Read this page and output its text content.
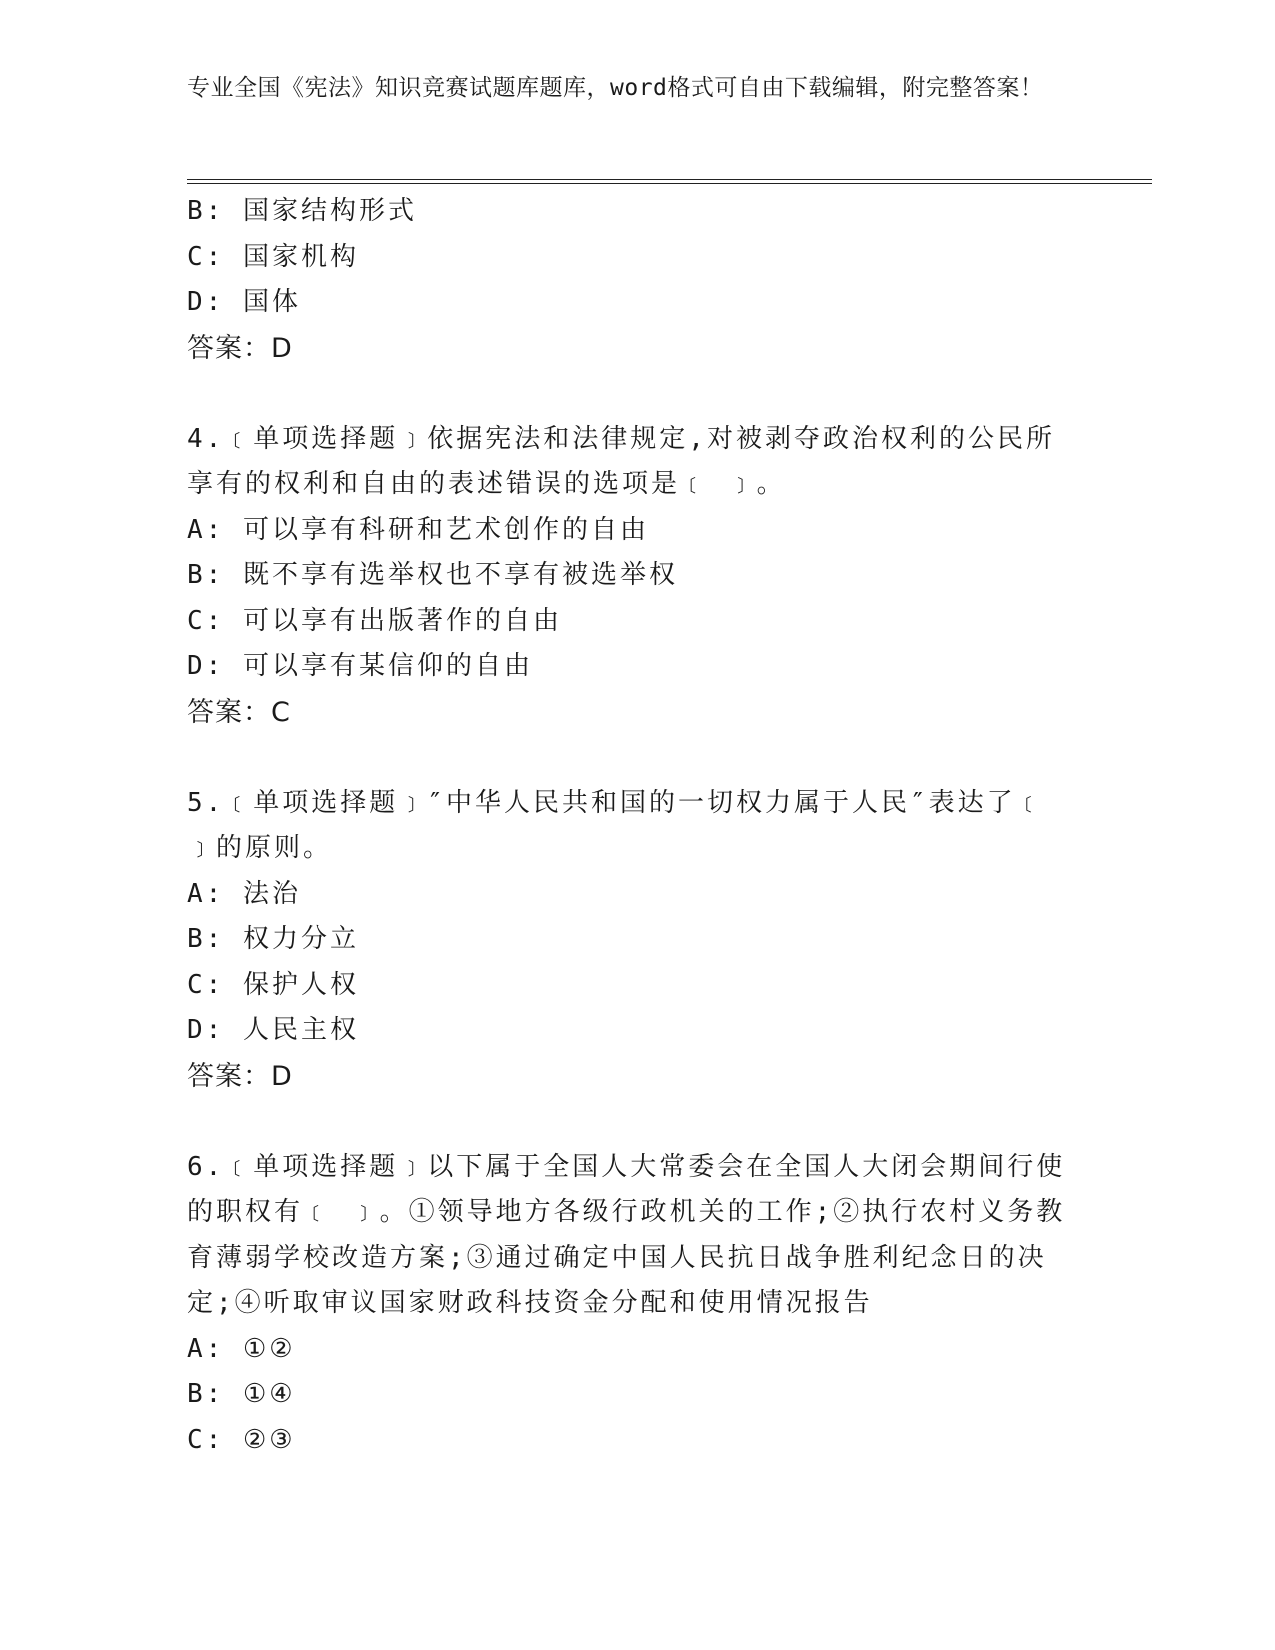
专业全国《宪法》知识竞赛试题库题库，word格式可自由下载编辑，附完整答案！
B: 国家结构形式
C: 国家机构
D: 国体
答案：D
4.﹝单项选择题﹞依据宪法和法律规定,对被剥夺政治权利的公民所享有的权利和自由的表述错误的选项是﹝ ﹞。
A: 可以享有科研和艺术创作的自由
B: 既不享有选举权也不享有被选举权
C: 可以享有出版著作的自由
D: 可以享有某信仰的自由
答案：C
5.﹝单项选择题﹞″中华人民共和国的一切权力属于人民″表达了﹝ ﹞的原则。
A: 法治
B: 权力分立
C: 保护人权
D: 人民主权
答案：D
6.﹝单项选择题﹞以下属于全国人大常委会在全国人大闭会期间行使的职权有﹝ ﹞。①领导地方各级行政机关的工作;②执行农村义务教育薄弱学校改造方案;③通过确定中国人民抗日战争胜利纪念日的决定;④听取审议国家财政科技资金分配和使用情况报告
A: ①②
B: ①④
C: ②③
